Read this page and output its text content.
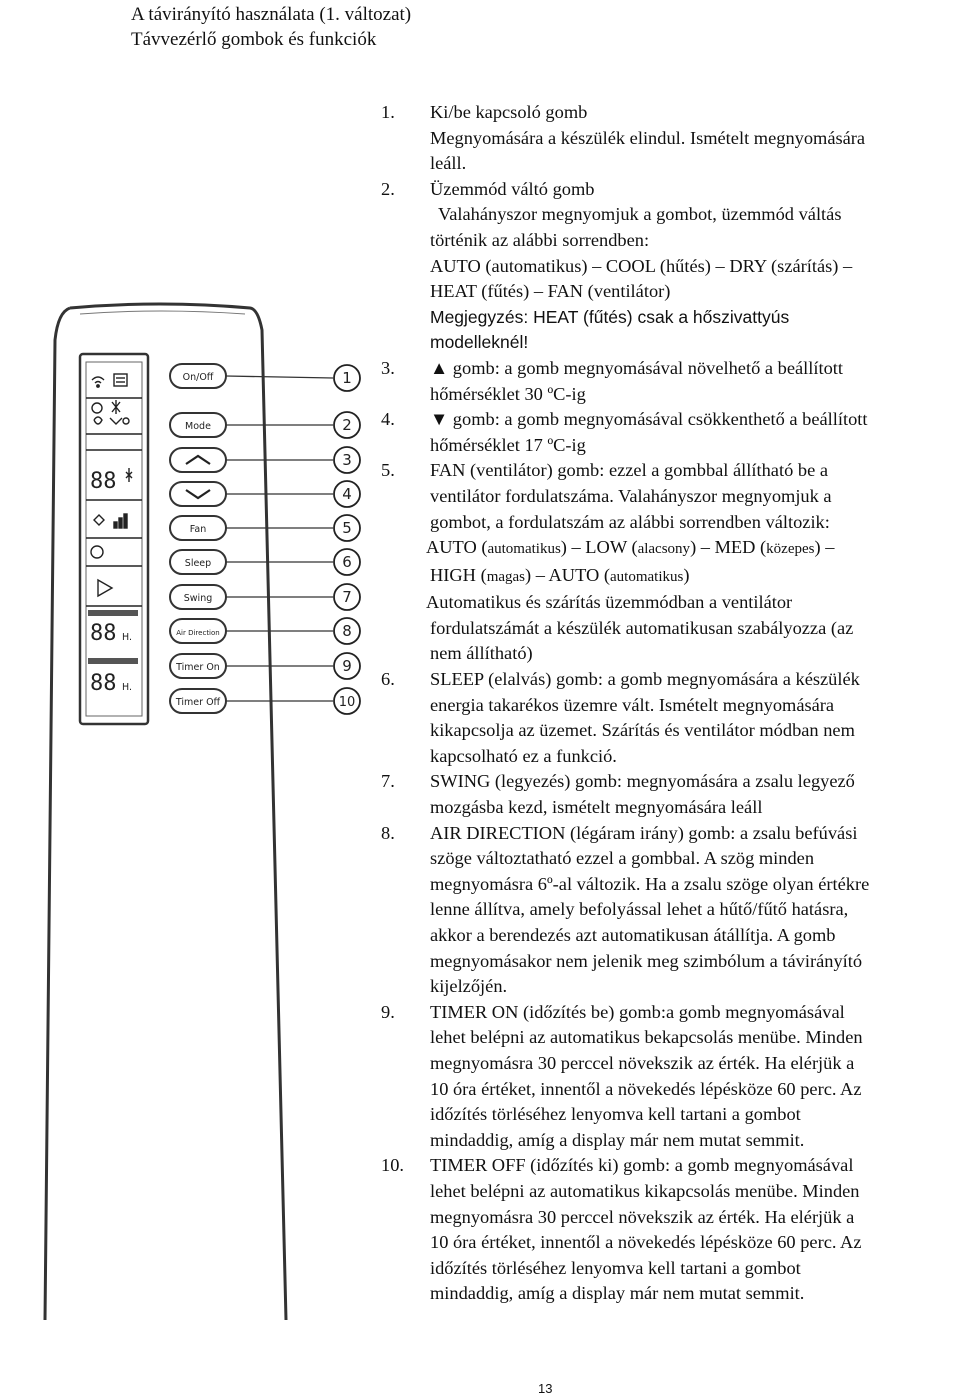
A távirányító használata (1. változat)
Távvezérlő gombok és funkciók
88
88 H.
88 H.
On/Off
Mode
Fan
Sleep
Swing
Air Direction
Timer On
Timer Off
1
2
3
4
5
6
7
8
9
10
1. Ki/be kapcsoló gomb

Megnyomására a készülék elindul. Ismételt megnyomására

leáll.

2. Üzemmód váltó gomb

Valahányszor megnyomjuk a gombot, üzemmód váltás

történik az alábbi sorrendben:

AUTO (automatikus) – COOL (hűtés) – DRY (szárítás) –

HEAT (fűtés) – FAN (ventilátor)

Megjegyzés: HEAT (fűtés) csak a hőszivattyús

modelleknél!

3. ▲ gomb: a gomb megnyomásával növelhető a beállított

hőmérséklet 30 ºC-ig

4. ▼ gomb: a gomb megnyomásával csökkenthető a beállított

hőmérséklet 17 ºC-ig

5. FAN (ventilátor) gomb: ezzel a gombbal állítható be a

ventilátor fordulatszáma. Valahányszor megnyomjuk a

gombot, a fordulatszám az alábbi sorrendben változik:

AUTO (automatikus) – LOW (alacsony) – MED (közepes) –

HIGH (magas) – AUTO (automatikus)

Automatikus és szárítás üzemmódban a ventilátor

fordulatszámát a készülék automatikusan szabályozza (az

nem állítható)

6. SLEEP (elalvás) gomb: a gomb megnyomására a készülék

energia takarékos üzemre vált. Ismételt megnyomására

kikapcsolja az üzemet. Szárítás és ventilátor módban nem

kapcsolható ez a funkció.

7. SWING (legyezés) gomb: megnyomására a zsalu legyező

mozgásba kezd, ismételt megnyomására leáll

8. AIR DIRECTION (légáram irány) gomb: a zsalu befúvási

szöge változtatható ezzel a gombbal. A szög minden

megnyomásra 6º-al változik. Ha a zsalu szöge olyan értékre

lenne állítva, amely befolyással lehet a hűtő/fűtő hatásra,

akkor a berendezés azt automatikusan átállítja. A gomb

megnyomásakor nem jelenik meg szimbólum a távirányító

kijelzőjén.

9. TIMER ON (időzítés be) gomb:a gomb megnyomásával

lehet belépni az automatikus bekapcsolás menübe. Minden

megnyomásra 30 perccel növekszik az érték. Ha elérjük a

10 óra értéket, innentől a növekedés lépésköze 60 perc. Az

időzítés törléséhez lenyomva kell tartani a gombot

mindaddig, amíg a display már nem mutat semmit.

10. TIMER OFF (időzítés ki) gomb: a gomb megnyomásával

lehet belépni az automatikus kikapcsolás menübe. Minden

megnyomásra 30 perccel növekszik az érték. Ha elérjük a

10 óra értéket, innentől a növekedés lépésköze 60 perc. Az

időzítés törléséhez lenyomva kell tartani a gombot

mindaddig, amíg a display már nem mutat semmit.

13
